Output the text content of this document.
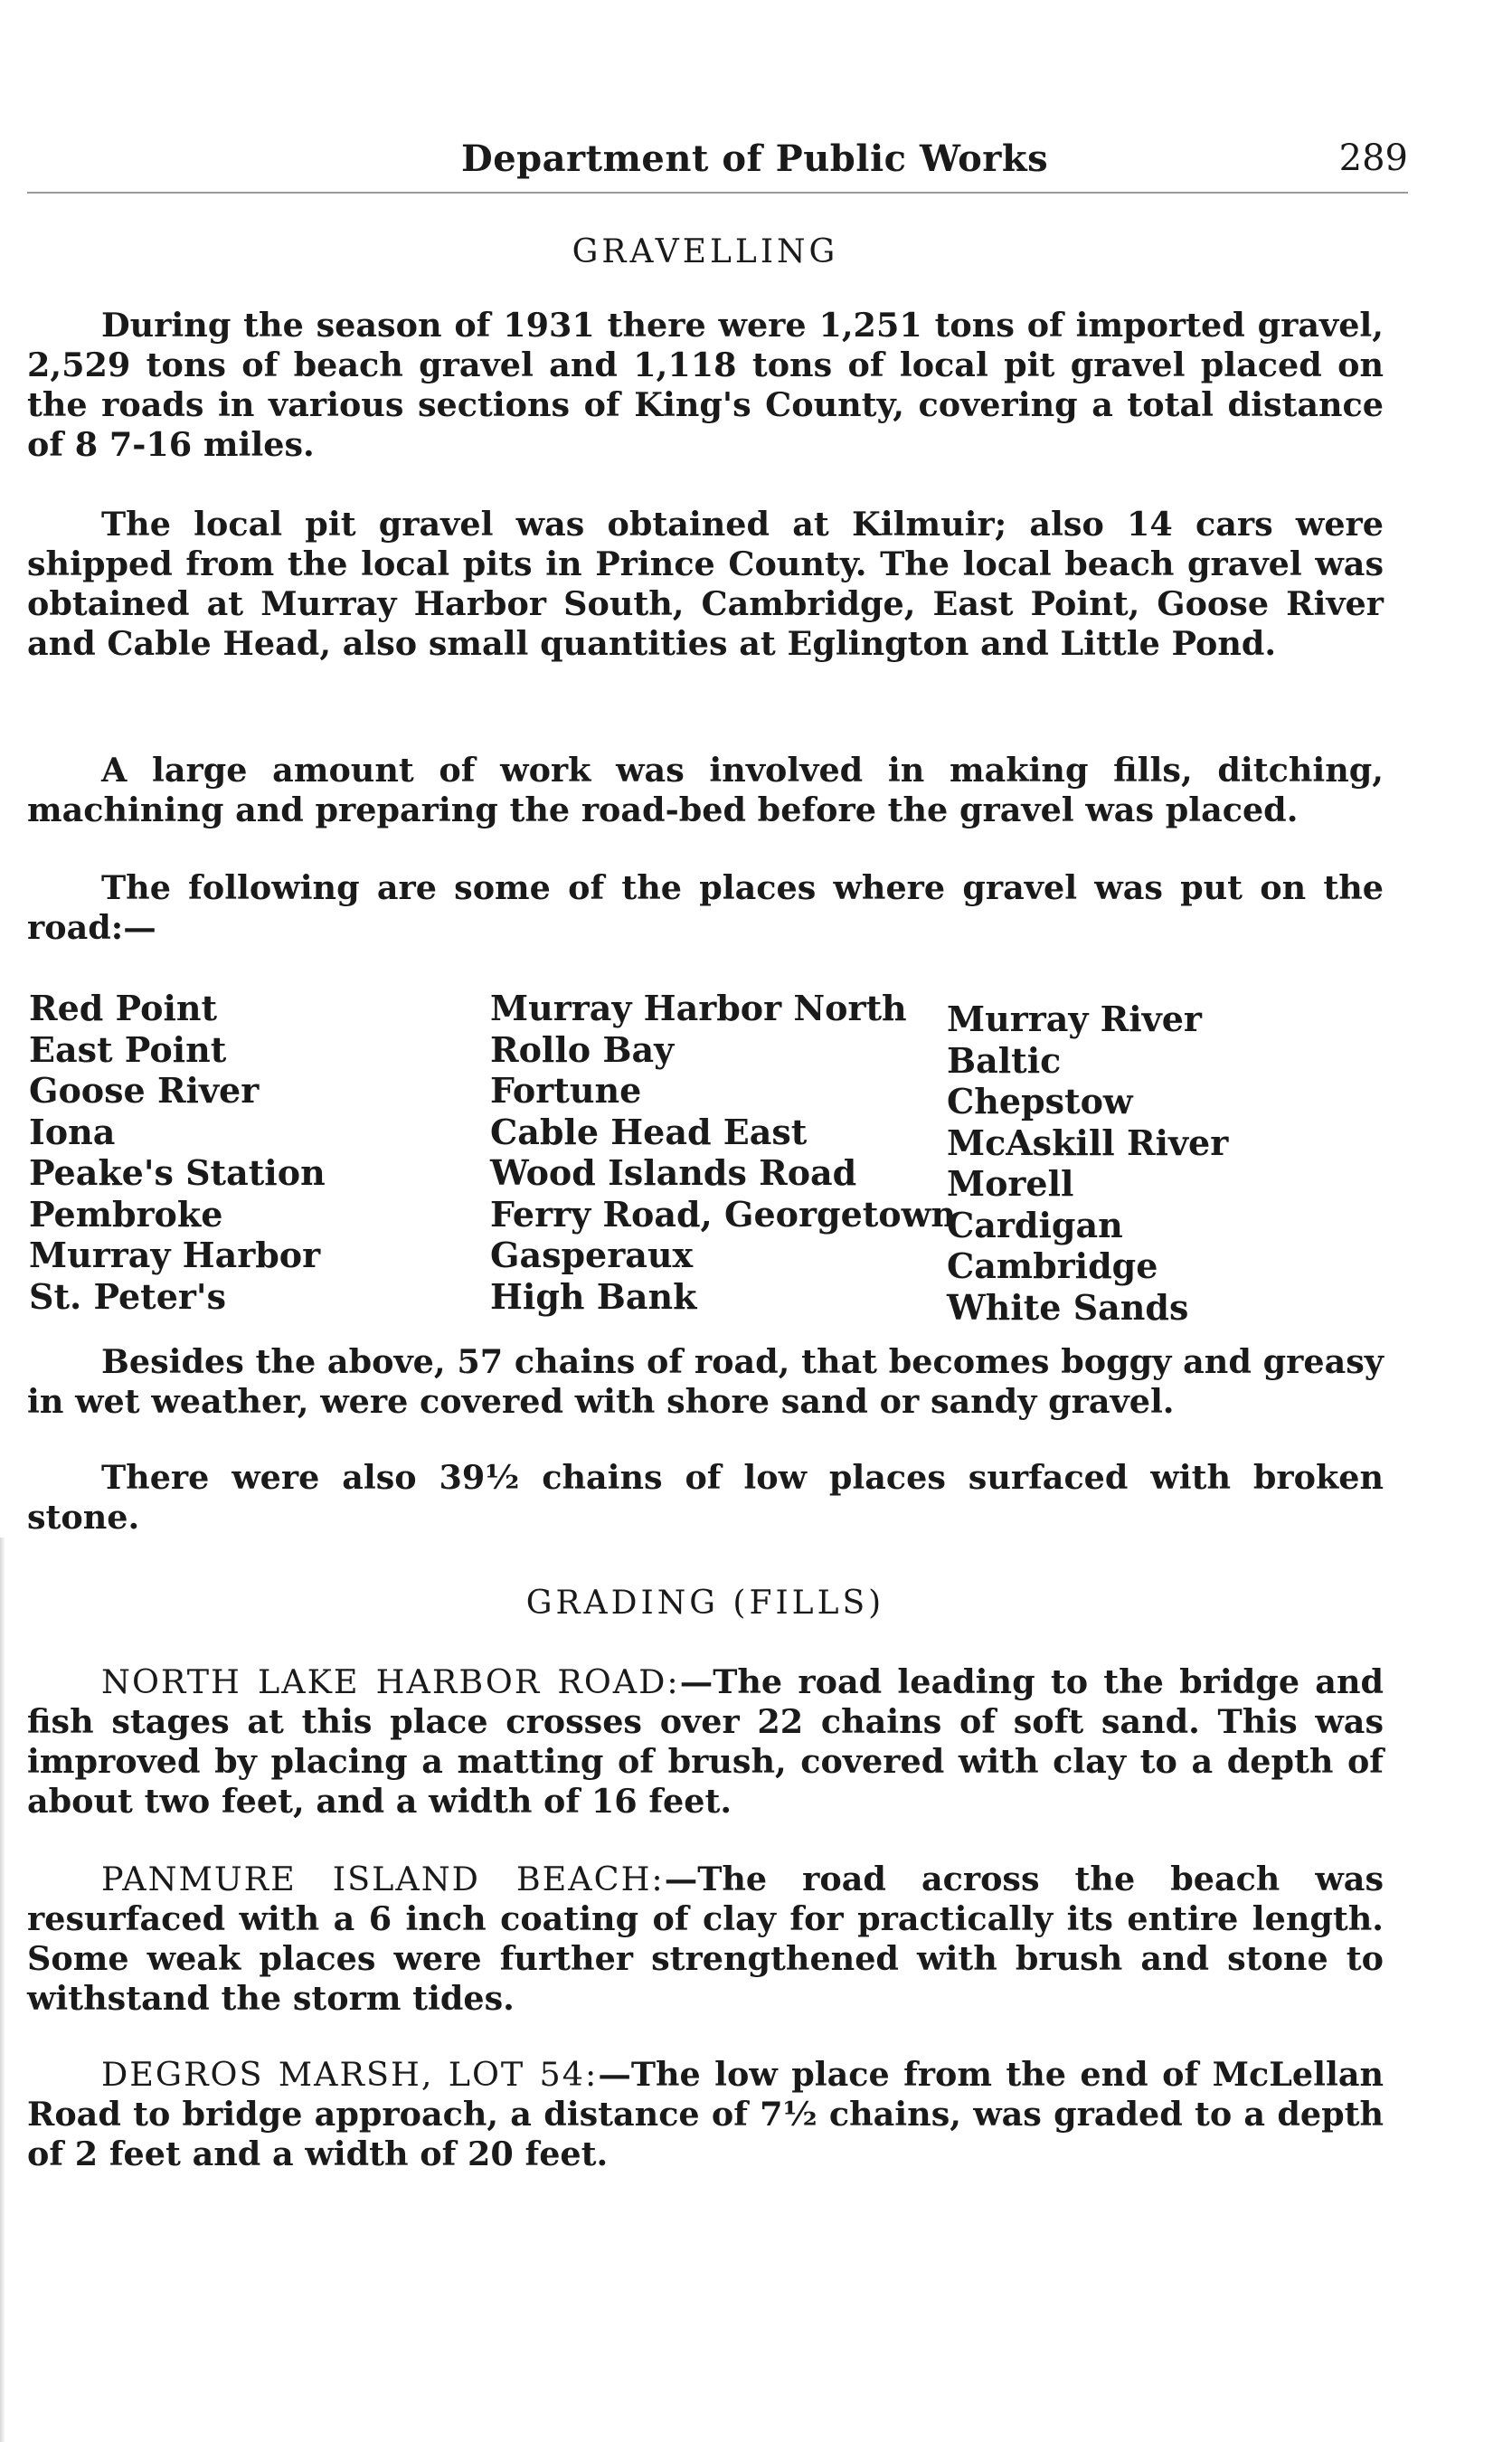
Department of Public Works	289
GRAVELLING

During the season of 1931 there were 1,251 tons of imported gravel, 2,529 tons of beach gravel and 1,118 tons of local pit gravel placed on the roads in various sections of King's County, covering a total distance of 8 7-16 miles.

The local pit gravel was obtained at Kilmuir; also 14 cars were shipped from the local pits in Prince County. The local beach gravel was obtained at Murray Harbor South, Cambridge, East Point, Goose River and Cable Head, also small quantities at Eglington and Little Pond.

A large amount of work was involved in making fills, ditching, machining and preparing the road-bed before the gravel was placed.

The following are some of the places where gravel was put on the road:—

Red Point
East Point
Goose River
Iona
Peake's Station
Pembroke
Murray Harbor
St. Peter's
Murray Harbor North
Rollo Bay
Fortune
Cable Head East
Wood Islands Road
Ferry Road, Georgetown
Gasperaux
High Bank
Murray River
Baltic
Chepstow
McAskill River
Morell
Cardigan
Cambridge
White Sands

Besides the above, 57 chains of road, that becomes boggy and greasy in wet weather, were covered with shore sand or sandy gravel.

There were also 39½ chains of low places surfaced with broken stone.

GRADING (FILLS)

NORTH LAKE HARBOR ROAD:—The road leading to the bridge and fish stages at this place crosses over 22 chains of soft sand. This was improved by placing a matting of brush, covered with clay to a depth of about two feet, and a width of 16 feet.

PANMURE ISLAND BEACH:—The road across the beach was resurfaced with a 6 inch coating of clay for practically its entire length. Some weak places were further strengthened with brush and stone to withstand the storm tides.

DEGROS MARSH, LOT 54:—The low place from the end of McLellan Road to bridge approach, a distance of 7½ chains, was graded to a depth of 2 feet and a width of 20 feet.
